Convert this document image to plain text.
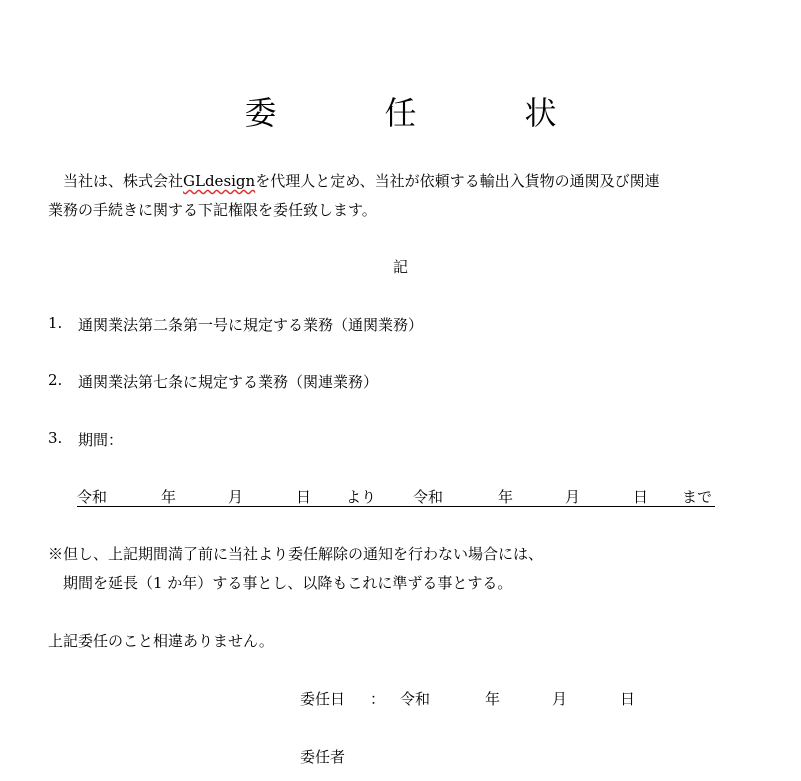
委　任　状
　当社は、株式会社GLdesignを代理人と定め、当社が依頼する輸出入貨物の通関及び関連
業務の手続きに関する下記権限を委任致します。
記
1. 通関業法第二条第一号に規定する業務（通関業務）
2. 通関業法第七条に規定する業務（関連業務）
3. 期間：
令和	年	月	日 より 令和	年	月	日 まで
※但し、上記期間満了前に当社より委任解除の通知を行わない場合には、
　期間を延長（1 か年）する事とし、以降もこれに準ずる事とする。
上記委任のこと相違ありません。
委任日 ： 令和	年	月	日
委任者
